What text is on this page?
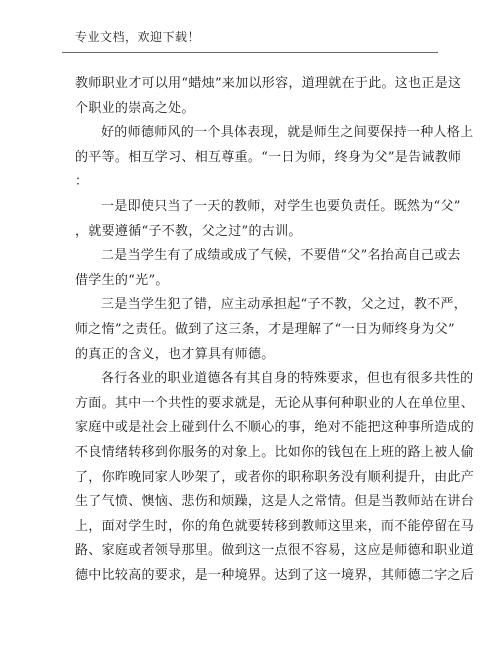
专业文档，欢迎下载！
教师职业才可以用“蜡烛”来加以形容，道理就在于此。这也正是这
个职业的崇高之处。
好的师德师风的一个具体表现，就是师生之间要保持一种人格上
的平等。相互学习、相互尊重。“一日为师，终身为父”是告诫教师
：
一是即使只当了一天的教师，对学生也要负责任。既然为“父”
，就要遵循“子不教，父之过”的古训。
二是当学生有了成绩或成了气候，不要借“父”名抬高自己或去
借学生的“光”。
三是当学生犯了错，应主动承担起“子不教，父之过，教不严，
师之惰”之责任。做到了这三条，才是理解了“一日为师终身为父”
的真正的含义，也才算具有师德。
各行各业的职业道德各有其自身的特殊要求，但也有很多共性的
方面。其中一个共性的要求就是，无论从事何种职业的人在单位里、
家庭中或是社会上碰到什么不顺心的事，绝对不能把这种事所造成的
不良情绪转移到你服务的对象上。比如你的钱包在上班的路上被人偷
了，你昨晚同家人吵架了，或者你的职称职务没有顺利提升，由此产
生了气愤、懊恼、悲伤和烦躁，这是人之常情。但是当教师站在讲台
上，面对学生时，你的角色就要转移到教师这里来，而不能停留在马
路、家庭或者领导那里。做到这一点很不容易，这应是师德和职业道
德中比较高的要求，是一种境界。达到了这一境界，其师德二字之后
